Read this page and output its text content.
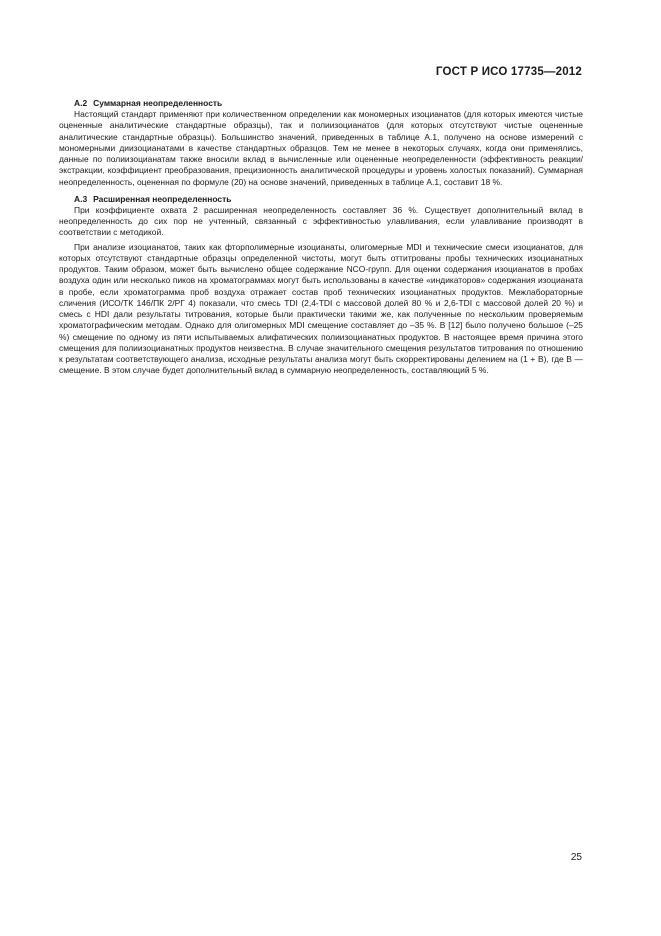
ГОСТ Р ИСО 17735—2012

А.2 Суммарная неопределенность

Настоящий стандарт применяют при количественном определении как мономерных изоцианатов (для которых имеются чистые оцененные аналитические стандартные образцы), так и полиизоцианатов (для которых отсутствуют чистые оцененные аналитические стандартные образцы). Большинство значений, приведенных в таблице А.1, получено на основе измерений с мономерными диизоцианатами в качестве стандартных образцов. Тем не менее в некоторых случаях, когда они применялись, данные по полиизоцианатам также вносили вклад в вычисленные или оцененные неопределенности (эффективность реакции/экстракции, коэффициент преобразования, прецизионность аналитической процедуры и уровень холостых показаний). Суммарная неопределенность, оцененная по формуле (20) на основе значений, приведенных в таблице А.1, составит 18 %.

А.3 Расширенная неопределенность

При коэффициенте охвата 2 расширенная неопределенность составляет 36 %. Существует дополнительный вклад в неопределенность до сих пор не учтенный, связанный с эффективностью улавливания, если улавливание производят в соответствии с методикой.

При анализе изоцианатов, таких как фторполимерные изоцианаты, олигомерные MDI и технические смеси изоцианатов, для которых отсутствуют стандартные образцы определенной чистоты, могут быть оттитрованы пробы технических изоцианатных продуктов. Таким образом, может быть вычислено общее содержание NCO-групп. Для оценки содержания изоцианатов в пробах воздуха один или несколько пиков на хроматограммах могут быть использованы в качестве «индикаторов» содержания изоцианата в пробе, если хроматограмма проб воздуха отражает состав проб технических изоцианатных продуктов. Межлабораторные сличения (ИСО/ТК 146/ПК 2/РГ 4) показали, что смесь TDI (2,4-TDI с массовой долей 80 % и 2,6-TDI с массовой долей 20 %) и смесь с HDI дали результаты титрования, которые были практически такими же, как полученные по нескольким проверяемым хроматографическим методам. Однако для олигомерных MDI смещение составляет до –35 %. В [12] было получено большое (–25 %) смещение по одному из пяти испытываемых алифатических полиизоцианатных продуктов. В настоящее время причина этого смещения для полиизоцианатных продуктов неизвестна. В случае значительного смещения результатов титрования по отношению к результатам соответствующего анализа, исходные результаты анализа могут быть скорректированы делением на (1 + B), где B — смещение. В этом случае будет дополнительный вклад в суммарную неопределенность, составляющий 5 %.

25
